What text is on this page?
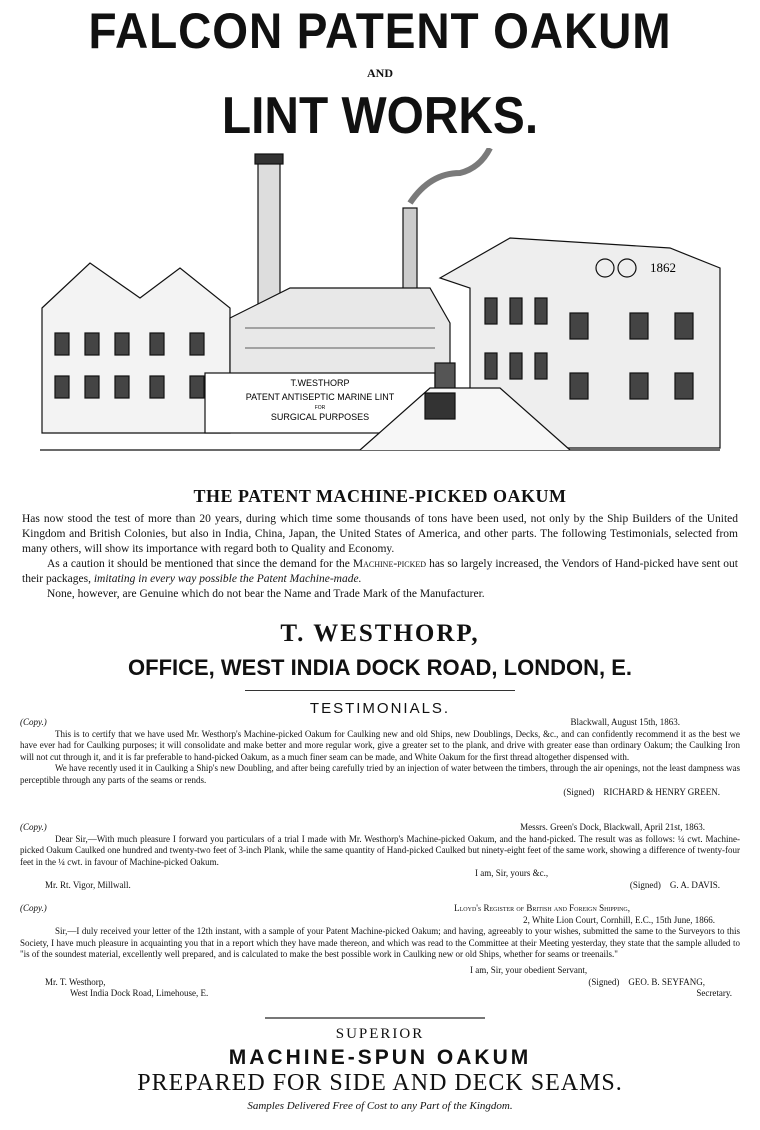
FALCON PATENT OAKUM
AND
LINT WORKS.
T.WESTHORP
PATENT ANTISEPTIC MARINE LINT
FOR
SURGICAL PURPOSES
1862
THE PATENT MACHINE-PICKED OAKUM

Has now stood the test of more than 20 years, during which time some thousands of tons have been used, not only by the Ship Builders of the United Kingdom and British Colonies, but also in India, China, Japan, the United States of America, and other parts. The following Testimonials, selected from many others, will show its importance with regard both to Quality and Economy.

As a caution it should be mentioned that since the demand for the Machine-picked has so largely increased, the Vendors of Hand-picked have sent out their packages, imitating in every way possible the Patent Machine-made.

None, however, are Genuine which do not bear the Name and Trade Mark of the Manufacturer.

T. WESTHORP,
OFFICE, WEST INDIA DOCK ROAD, LONDON, E.
TESTIMONIALS.
(Copy.)	Blackwall, August 15th, 1863.

This is to certify that we have used Mr. Westhorp's Machine-picked Oakum for Caulking new and old Ships, new Doublings, Decks, &c., and can confidently recommend it as the best we have ever had for Caulking purposes; it will consolidate and make better and more regular work, give a greater set to the plank, and drive with greater ease than ordinary Oakum; the Caulking Iron will not cut through it, and it is far preferable to hand-picked Oakum, as a much finer seam can be made, and White Oakum for the first thread altogether dispensed with.

We have recently used it in Caulking a Ship's new Doubling, and after being carefully tried by an injection of water between the timbers, through the air openings, not the least dampness was perceptible through any parts of the seams or rends.

(Signed) RICHARD & HENRY GREEN.

(Copy.)	Messrs. Green's Dock, Blackwall, April 21st, 1863.

Dear Sir,—With much pleasure I forward you particulars of a trial I made with Mr. Westhorp's Machine-picked Oakum, and the hand-picked. The result was as follows: ¼ cwt. Machine-picked Oakum Caulked one hundred and twenty-two feet of 3-inch Plank, while the same quantity of Hand-picked Caulked but ninety-eight feet of the same work, showing a difference of twenty-four feet in the ¼ cwt. in favour of Machine-picked Oakum.

I am, Sir, yours &c.,

Mr. Rt. Vigor, Millwall.	(Signed) G. A. DAVIS.
(Copy.)	Lloyd's Register of British and Foreign Shipping,

2, White Lion Court, Cornhill, E.C., 15th June, 1866.

Sir,—I duly received your letter of the 12th instant, with a sample of your Patent Machine-picked Oakum; and having, agreeably to your wishes, submitted the same to the Surveyors to this Society, I have much pleasure in acquainting you that in a report which they have made thereon, and which was read to the Committee at their Meeting yesterday, they state that the sample alluded to "is of the soundest material, excellently well prepared, and is calculated to make the best possible work in Caulking new or old Ships, whether for seams or treenails."

I am, Sir, your obedient Servant,

Mr. T. Westhorp,	(Signed) GEO. B. SEYFANG,
West India Dock Road, Limehouse, E.	Secretary.
SUPERIOR
MACHINE-SPUN OAKUM
PREPARED FOR SIDE AND DECK SEAMS.
Samples Delivered Free of Cost to any Part of the Kingdom.
